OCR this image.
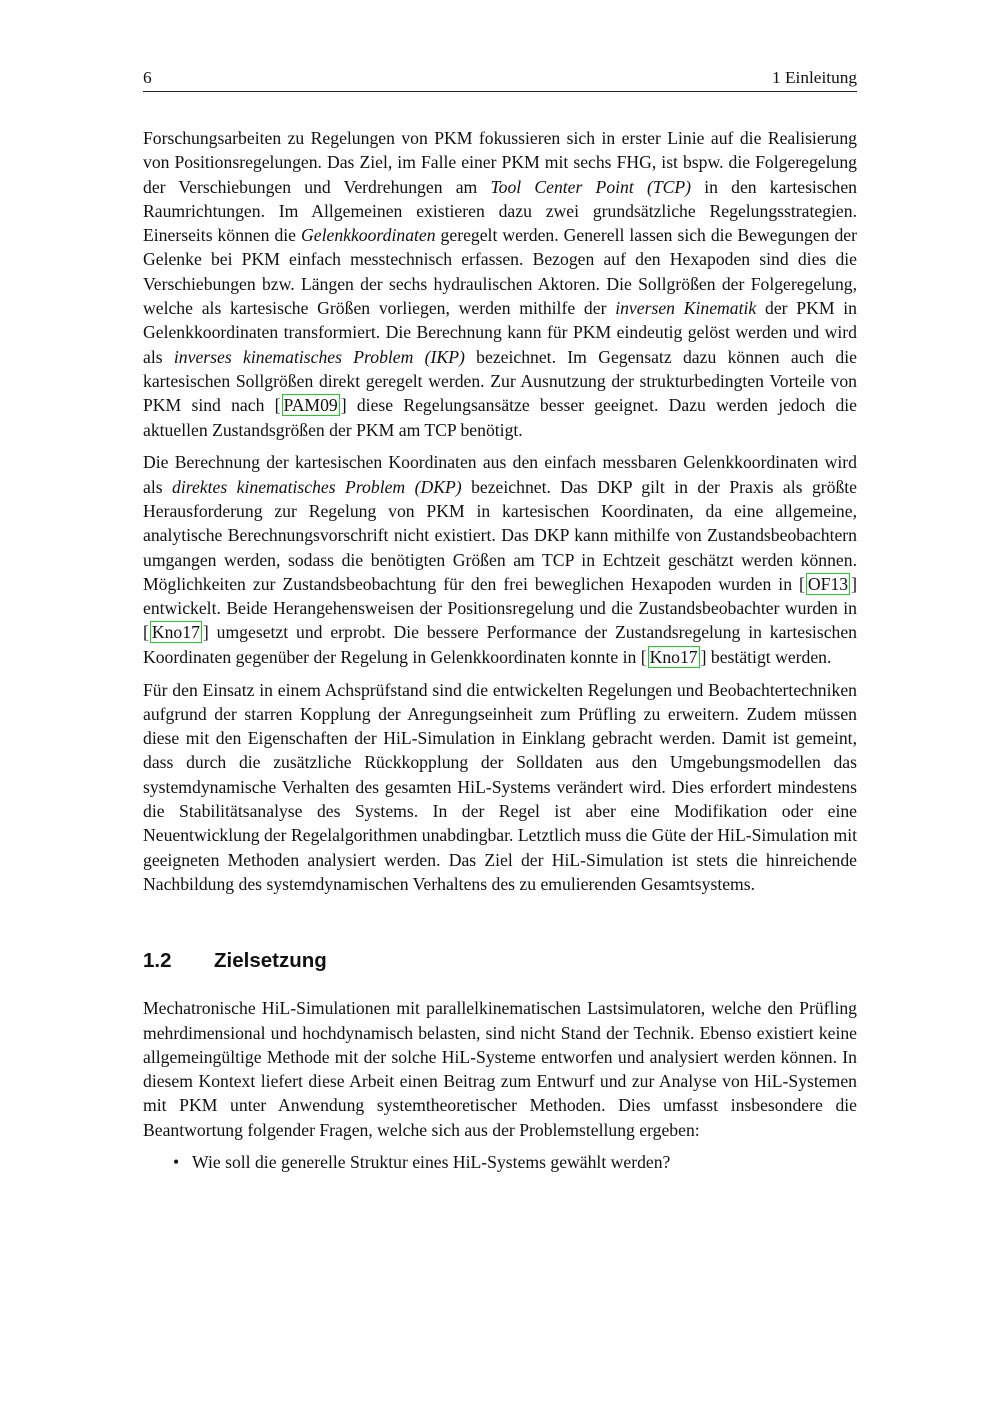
6	1 Einleitung

Forschungsarbeiten zu Regelungen von PKM fokussieren sich in erster Linie auf die Realisierung von Positionsregelungen. Das Ziel, im Falle einer PKM mit sechs FHG, ist bspw. die Folgeregelung der Verschiebungen und Verdrehungen am Tool Center Point (TCP) in den kartesischen Raumrichtungen. Im Allgemeinen existieren dazu zwei grundsätzliche Regelungsstrategien. Einerseits können die Gelenkkoordinaten geregelt werden. Generell lassen sich die Bewegungen der Gelenke bei PKM einfach messtechnisch erfassen. Bezogen auf den Hexapoden sind dies die Verschiebungen bzw. Längen der sechs hydraulischen Aktoren. Die Sollgrößen der Folgeregelung, welche als kartesische Größen vorliegen, werden mithilfe der inversen Kinematik der PKM in Gelenkkoordinaten transformiert. Die Berechnung kann für PKM eindeutig gelöst werden und wird als inverses kinematisches Problem (IKP) bezeichnet. Im Gegensatz dazu können auch die kartesischen Sollgrößen direkt geregelt werden. Zur Ausnutzung der strukturbedingten Vorteile von PKM sind nach [ PAM09 ] diese Regelungsansätze besser geeignet. Dazu werden jedoch die aktuellen Zustandsgrößen der PKM am TCP benötigt.

Die Berechnung der kartesischen Koordinaten aus den einfach messbaren Gelenkkoordinaten wird als direktes kinematisches Problem (DKP) bezeichnet. Das DKP gilt in der Praxis als größte Herausforderung zur Regelung von PKM in kartesischen Koordinaten, da eine allgemeine, analytische Berechnungsvorschrift nicht existiert. Das DKP kann mithilfe von Zustandsbeobachtern umgangen werden, sodass die benötigten Größen am TCP in Echtzeit geschätzt werden können. Möglichkeiten zur Zustandsbeobachtung für den frei beweglichen Hexapoden wurden in [ OF13 ] entwickelt. Beide Herangehensweisen der Positionsregelung und die Zustandsbeobachter wurden in [ Kno17 ] umgesetzt und erprobt. Die bessere Performance der Zustandsregelung in kartesischen Koordinaten gegenüber der Regelung in Gelenkkoordinaten konnte in [ Kno17 ] bestätigt werden.

Für den Einsatz in einem Achsprüfstand sind die entwickelten Regelungen und Beobachtertechniken aufgrund der starren Kopplung der Anregungseinheit zum Prüfling zu erweitern. Zudem müssen diese mit den Eigenschaften der HiL-Simulation in Einklang gebracht werden. Damit ist gemeint, dass durch die zusätzliche Rückkopplung der Solldaten aus den Umgebungsmodellen das systemdynamische Verhalten des gesamten HiL-Systems verändert wird. Dies erfordert mindestens die Stabilitätsanalyse des Systems. In der Regel ist aber eine Modifikation oder eine Neuentwicklung der Regelalgorithmen unabdingbar. Letztlich muss die Güte der HiL-Simulation mit geeigneten Methoden analysiert werden. Das Ziel der HiL-Simulation ist stets die hinreichende Nachbildung des systemdynamischen Verhaltens des zu emulierenden Gesamtsystems.

1.2	Zielsetzung

Mechatronische HiL-Simulationen mit parallelkinematischen Lastsimulatoren, welche den Prüfling mehrdimensional und hochdynamisch belasten, sind nicht Stand der Technik. Ebenso existiert keine allgemeingültige Methode mit der solche HiL-Systeme entworfen und analysiert werden können. In diesem Kontext liefert diese Arbeit einen Beitrag zum Entwurf und zur Analyse von HiL-Systemen mit PKM unter Anwendung systemtheoretischer Methoden. Dies umfasst insbesondere die Beantwortung folgender Fragen, welche sich aus der Problemstellung ergeben:

• Wie soll die generelle Struktur eines HiL-Systems gewählt werden?
